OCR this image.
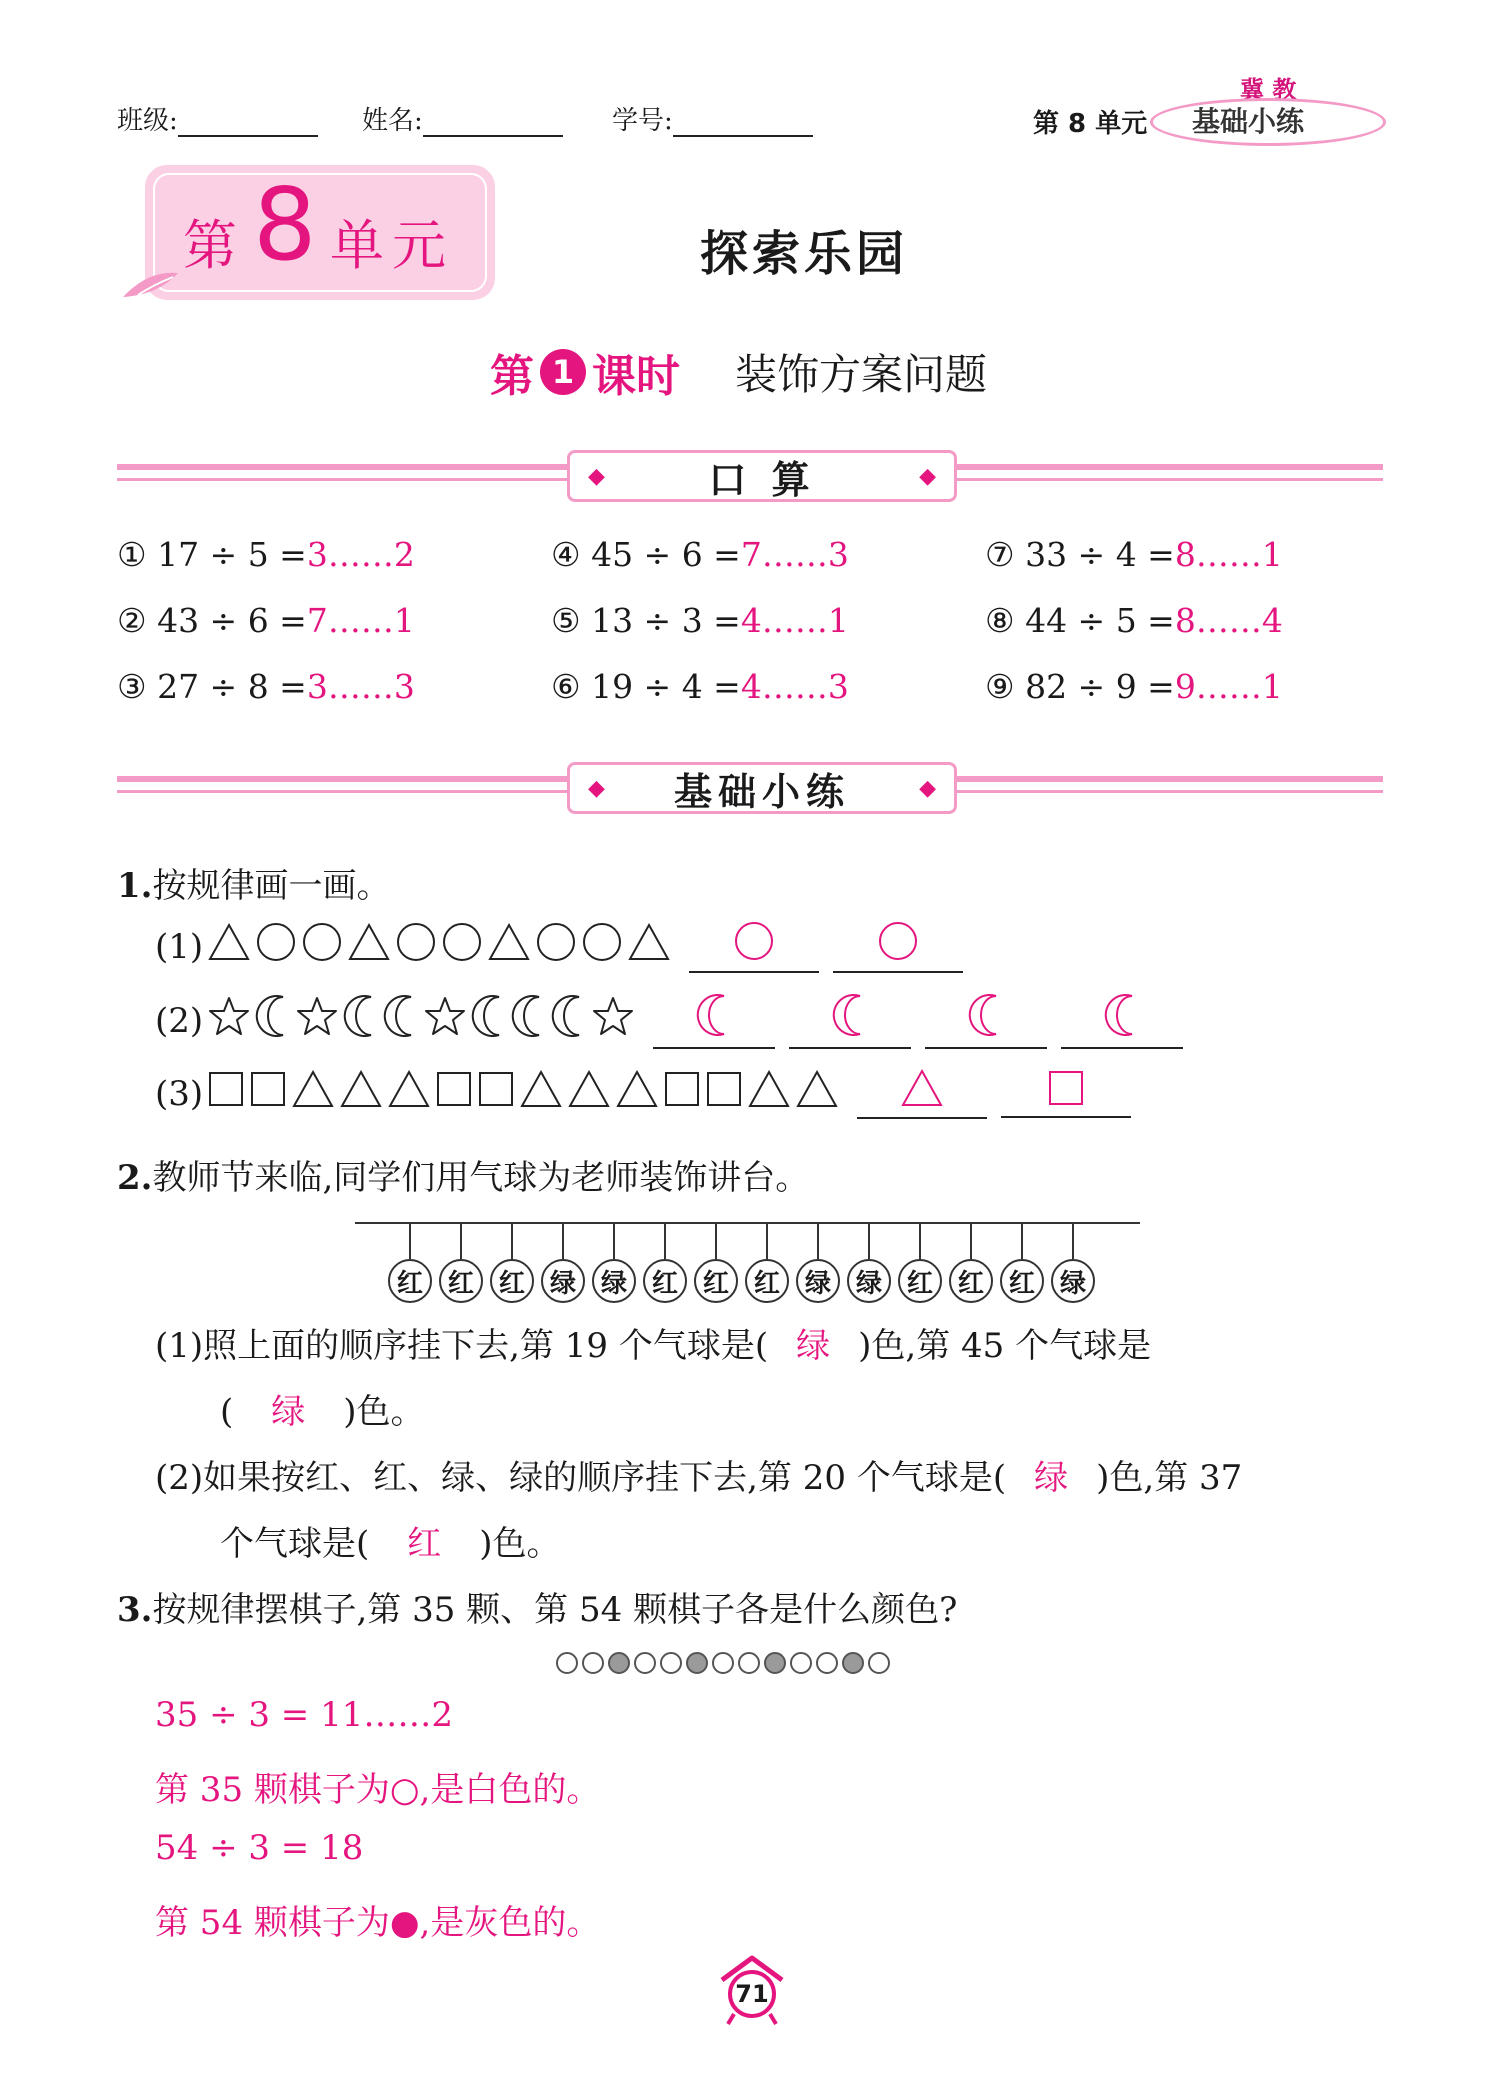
班级:	姓名:	学号:	第 8 单元
冀 教
基础小练
第 8 单元	探索乐园
第 1 课时 装饰方案问题
◆	口 算	◆
① 17 ÷ 5 =3……2	④ 45 ÷ 6 =7……3	⑦ 33 ÷ 4 =8……1
② 43 ÷ 6 =7……1	⑤ 13 ÷ 3 =4……1	⑧ 44 ÷ 5 =8……4
③ 27 ÷ 8 =3……3	⑥ 19 ÷ 4 =4……3	⑨ 82 ÷ 9 =9……1
◆ 基础小练	◆
1.按规律画一画。
(1)
(2)
(3)
2.教师节来临,同学们用气球为老师装饰讲台。
红 红 红 绿 绿 红 红 红 绿 绿 红 红 红 绿
(1)照上面的顺序挂下去,第 19 个气球是( 绿 )色,第 45 个气球是
( 绿 )色。
(2)如果按红、红、绿、绿的顺序挂下去,第 20 个气球是( 绿 )色,第 37
个气球是( 红 )色。
3.按规律摆棋子,第 35 颗、第 54 颗棋子各是什么颜色?
35 ÷ 3 = 11……2
第 35 颗棋子为○,是白色的。
54 ÷ 3 = 18
第 54 颗棋子为●,是灰色的。
71
